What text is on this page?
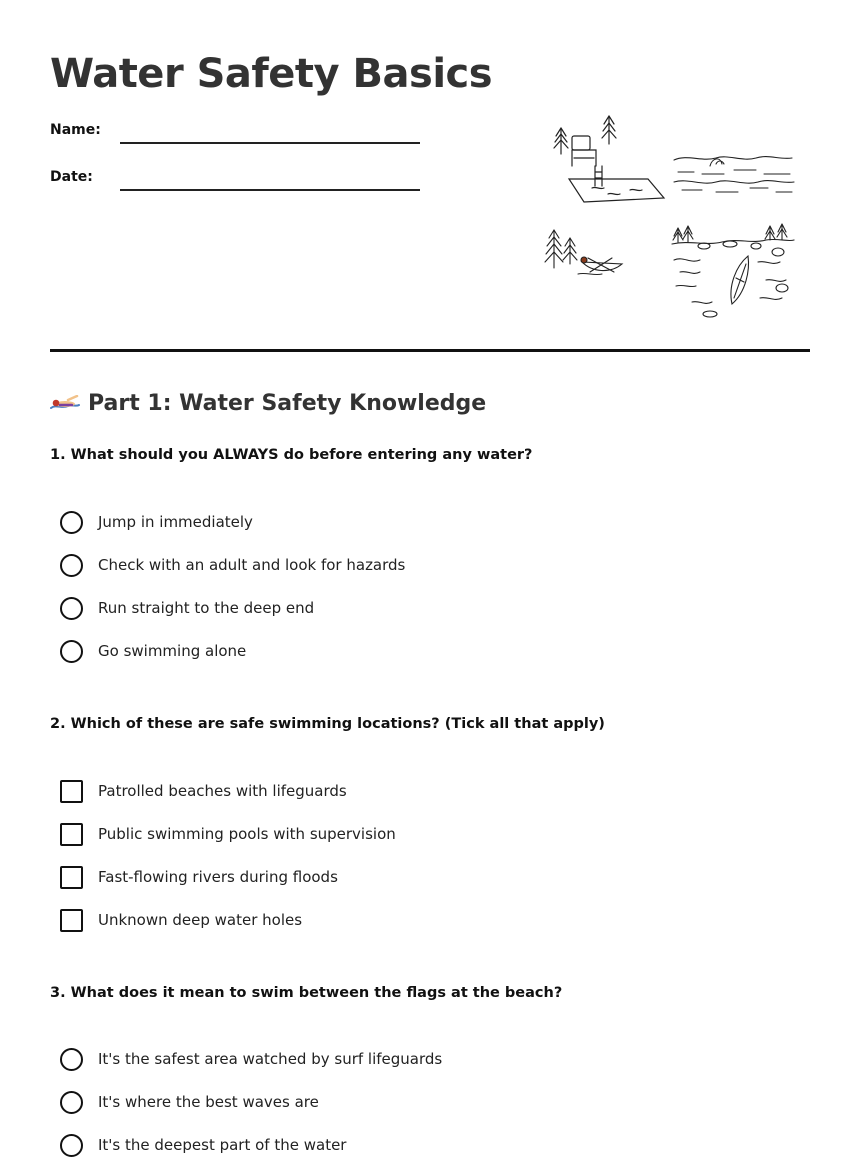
Water Safety Basics
Name:
Date:
Part 1: Water Safety Knowledge

1. What should you ALWAYS do before entering any water?

Jump in immediately
Check with an adult and look for hazards
Run straight to the deep end
Go swimming alone

2. Which of these are safe swimming locations? (Tick all that apply)

Patrolled beaches with lifeguards
Public swimming pools with supervision
Fast-flowing rivers during floods
Unknown deep water holes

3. What does it mean to swim between the flags at the beach?

It's the safest area watched by surf lifeguards
It's where the best waves are
It's the deepest part of the water
